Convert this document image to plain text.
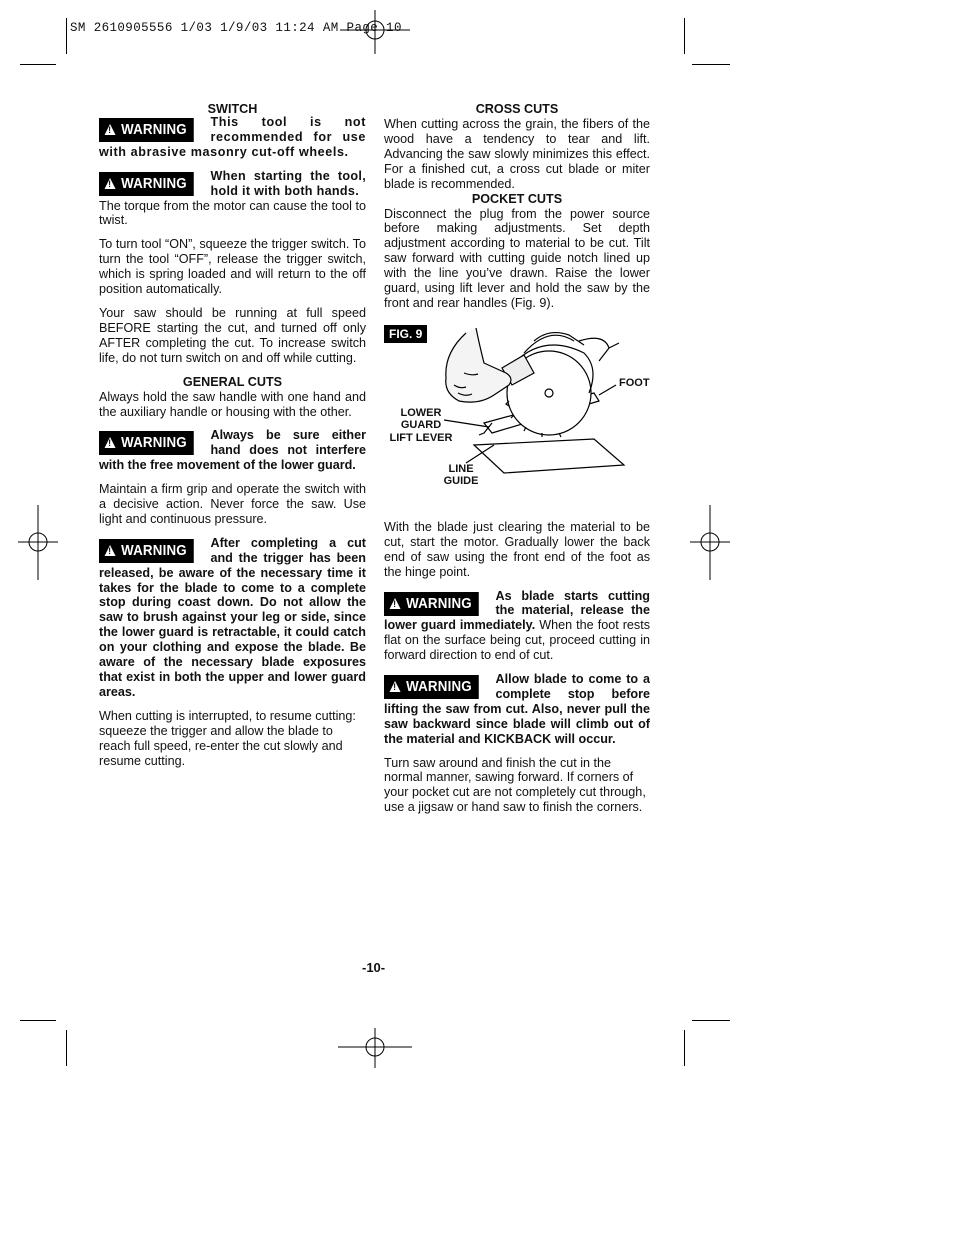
SM 2610905556 1/03 1/9/03 11:24 AM Page 10
SWITCH
!WARNING	This tool is not recommended for use with abrasive masonry cut-off wheels.
!WARNING	When starting the tool, hold it with both hands.

The torque from the motor can cause the tool to twist.

To turn tool “ON”, squeeze the trigger switch. To turn the tool “OFF”, release the trigger switch, which is spring loaded and will return to the off position automatically.

Your saw should be running at full speed BEFORE starting the cut, and turned off only AFTER completing the cut. To increase switch life, do not turn switch on and off while cutting.

GENERAL CUTS

Always hold the saw handle with one hand and the auxiliary handle or housing with the other.

!WARNING	Always be sure either hand does not interfere with the free movement of the lower guard.

Maintain a firm grip and operate the switch with a decisive action. Never force the saw. Use light and continuous pressure.

!WARNING	After completing a cut and the trigger has been released, be aware of the necessary time it takes for the blade to come to a complete stop during coast down. Do not allow the saw to brush against your leg or side, since the lower guard is retractable, it could catch on your clothing and expose the blade. Be aware of the necessary blade exposures that exist in both the upper and lower guard areas.

When cutting is interrupted, to resume cutting: squeeze the trigger and allow the blade to reach full speed, re-enter the cut slowly and resume cutting.

CROSS CUTS

When cutting across the grain, the fibers of the wood have a tendency to tear and lift. Advancing the saw slowly minimizes this effect. For a finished cut, a cross cut blade or miter blade is recommended.

POCKET CUTS

Disconnect the plug from the power source before making adjustments. Set depth adjustment according to material to be cut. Tilt saw forward with cutting guide notch lined up with the line you’ve drawn. Raise the lower guard, using lift lever and hold the saw by the front and rear handles (Fig. 9).

FIG. 9
FOOT
LOWER
GUARD
LIFT LEVER
LINE
GUIDE

With the blade just clearing the material to be cut, start the motor. Gradually lower the back end of saw using the front end of the foot as the hinge point.

!WARNING	As blade starts cutting the material, release the lower guard immediately. When the foot rests flat on the surface being cut, proceed cutting in forward direction to end of cut.
!WARNING	Allow blade to come to a complete stop before lifting the saw from cut. Also, never pull the saw backward since blade will climb out of the material and KICKBACK will occur.

Turn saw around and finish the cut in the normal manner, sawing forward. If corners of your pocket cut are not completely cut through, use a jigsaw or hand saw to finish the corners.

-10-
